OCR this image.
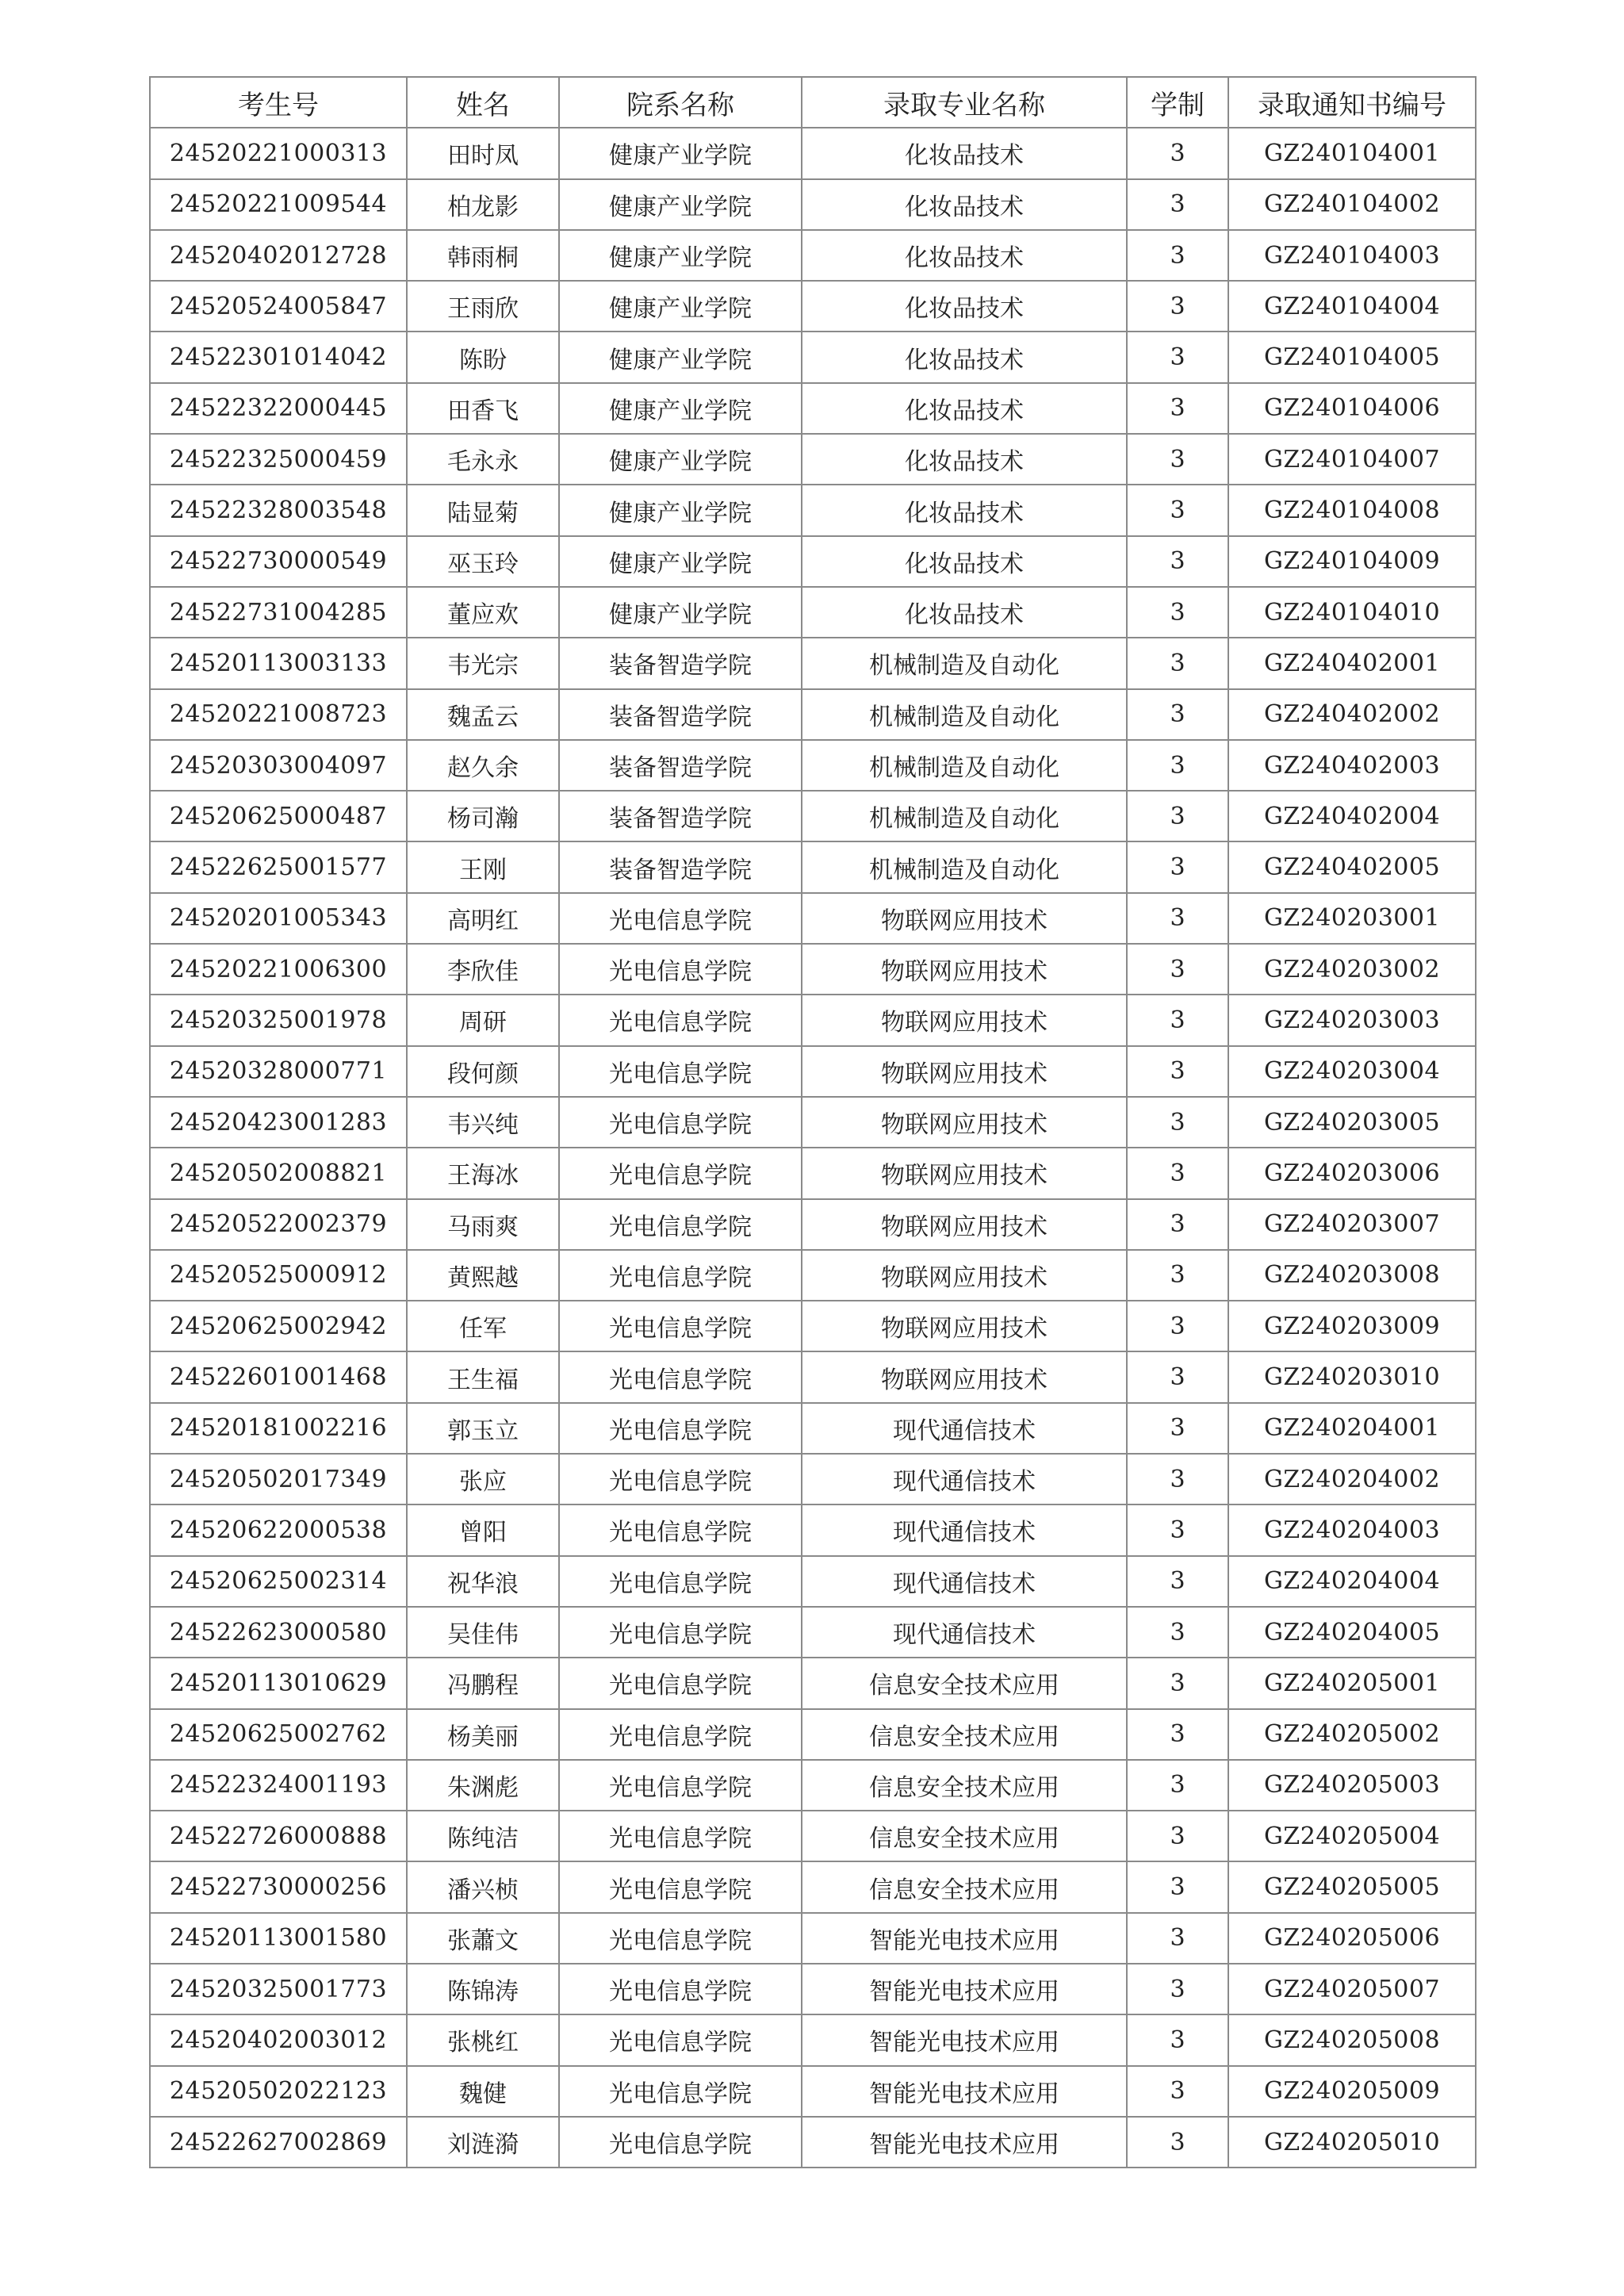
考生号	姓名	院系名称	录取专业名称	学制	录取通知书编号
24520221000313	田时凤	健康产业学院	化妆品技术	3	GZ240104001
24520221009544	柏龙影	健康产业学院	化妆品技术	3	GZ240104002
24520402012728	韩雨桐	健康产业学院	化妆品技术	3	GZ240104003
24520524005847	王雨欣	健康产业学院	化妆品技术	3	GZ240104004
24522301014042	陈盼	健康产业学院	化妆品技术	3	GZ240104005
24522322000445	田香飞	健康产业学院	化妆品技术	3	GZ240104006
24522325000459	毛永永	健康产业学院	化妆品技术	3	GZ240104007
24522328003548	陆显菊	健康产业学院	化妆品技术	3	GZ240104008
24522730000549	巫玉玲	健康产业学院	化妆品技术	3	GZ240104009
24522731004285	董应欢	健康产业学院	化妆品技术	3	GZ240104010
24520113003133	韦光宗	装备智造学院	机械制造及自动化	3	GZ240402001
24520221008723	魏孟云	装备智造学院	机械制造及自动化	3	GZ240402002
24520303004097	赵久余	装备智造学院	机械制造及自动化	3	GZ240402003
24520625000487	杨司瀚	装备智造学院	机械制造及自动化	3	GZ240402004
24522625001577	王刚	装备智造学院	机械制造及自动化	3	GZ240402005
24520201005343	高明红	光电信息学院	物联网应用技术	3	GZ240203001
24520221006300	李欣佳	光电信息学院	物联网应用技术	3	GZ240203002
24520325001978	周研	光电信息学院	物联网应用技术	3	GZ240203003
24520328000771	段何颜	光电信息学院	物联网应用技术	3	GZ240203004
24520423001283	韦兴纯	光电信息学院	物联网应用技术	3	GZ240203005
24520502008821	王海冰	光电信息学院	物联网应用技术	3	GZ240203006
24520522002379	马雨爽	光电信息学院	物联网应用技术	3	GZ240203007
24520525000912	黄熙越	光电信息学院	物联网应用技术	3	GZ240203008
24520625002942	任军	光电信息学院	物联网应用技术	3	GZ240203009
24522601001468	王生福	光电信息学院	物联网应用技术	3	GZ240203010
24520181002216	郭玉立	光电信息学院	现代通信技术	3	GZ240204001
24520502017349	张应	光电信息学院	现代通信技术	3	GZ240204002
24520622000538	曾阳	光电信息学院	现代通信技术	3	GZ240204003
24520625002314	祝华浪	光电信息学院	现代通信技术	3	GZ240204004
24522623000580	吴佳伟	光电信息学院	现代通信技术	3	GZ240204005
24520113010629	冯鹏程	光电信息学院	信息安全技术应用	3	GZ240205001
24520625002762	杨美丽	光电信息学院	信息安全技术应用	3	GZ240205002
24522324001193	朱渊彪	光电信息学院	信息安全技术应用	3	GZ240205003
24522726000888	陈纯洁	光电信息学院	信息安全技术应用	3	GZ240205004
24522730000256	潘兴桢	光电信息学院	信息安全技术应用	3	GZ240205005
24520113001580	张蕭文	光电信息学院	智能光电技术应用	3	GZ240205006
24520325001773	陈锦涛	光电信息学院	智能光电技术应用	3	GZ240205007
24520402003012	张桃红	光电信息学院	智能光电技术应用	3	GZ240205008
24520502022123	魏健	光电信息学院	智能光电技术应用	3	GZ240205009
24522627002869	刘涟漪	光电信息学院	智能光电技术应用	3	GZ240205010
